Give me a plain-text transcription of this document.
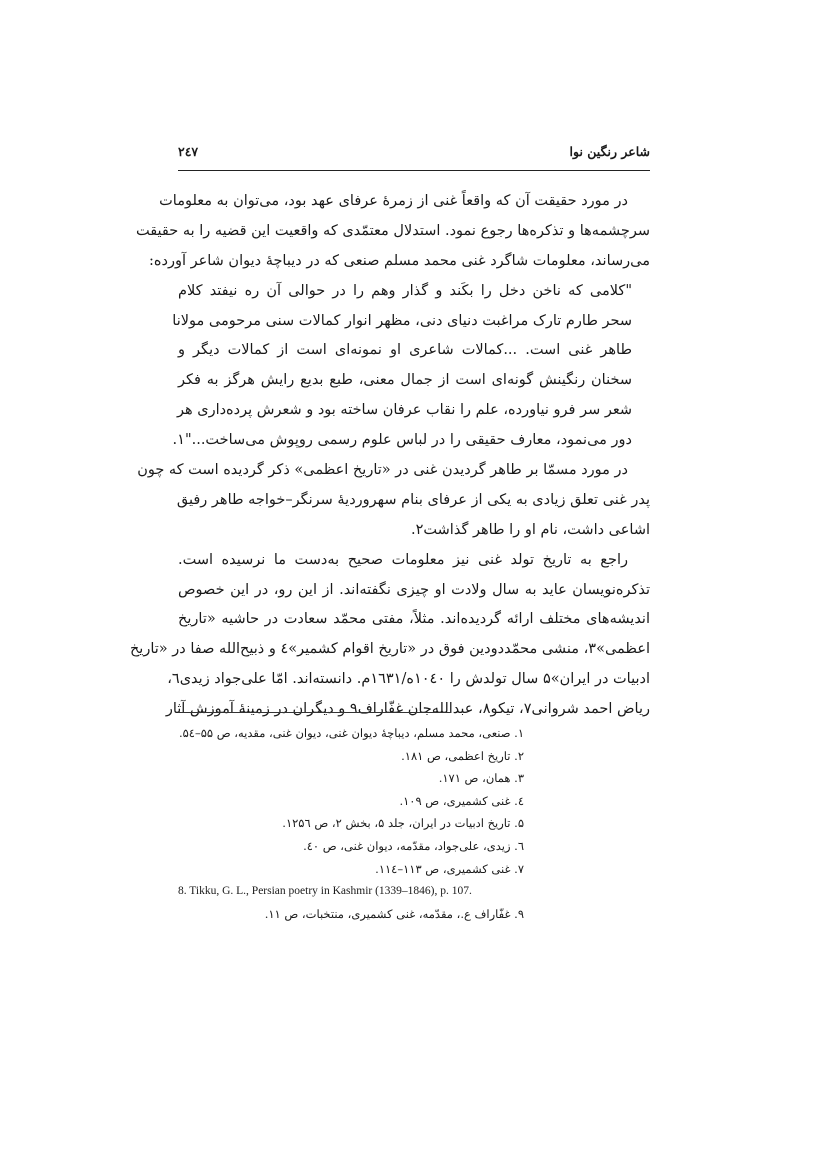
شاعر رنگین نوا
۲٤۷
در مورد حقیقت آن که واقعاً غنی از زمرهٔ عرفای عهد بود، می‌توان به معلومات
سرچشمه‌ها و تذکره‌ها رجوع نمود. استدلال معتمّدی که واقعیت این قضیه را به حقیقت
می‌رساند، معلومات شاگرد غنی محمد مسلم صنعی که در دیباچهٔ دیوان شاعر آورده:
"کلامی که ناخن دخل را بکَند و گذار وهم را در حوالی آن ره نیفتد کلام
سحر طارم تارک مراغبت دنیای دنی، مظهر انوار کمالات سنی مرحومی مولانا
طاهر غنی است. ...کمالات شاعری او نمونه‌ای است از کمالات دیگر و
سخنان رنگینش گونه‌ای است از جمال معنی، طبع بدیع رایش هرگز به فکر
شعر سر فرو نیاورده، علم را نقاب عرفان ساخته بود و شعرش پرده‌داری هر
دور می‌نمود، معارف حقیقی را در لباس علوم رسمی روپوش می‌ساخت..."۱.
در مورد مسمّا بر طاهر گردیدن غنی در «تاریخ اعظمی» ذکر گردیده است که چون
پدر غنی تعلق زیادی به یکی از عرفای بنام سهروردیهٔ سرنگر–خواجه طاهر رفیق
اشاعی داشت، نام او را طاهر گذاشت۲.
راجع به تاریخ تولد غنی نیز معلومات صحیح به‌دست ما نرسیده است.
تذکره‌نویسان عاید به سال ولادت او چیزی نگفته‌اند. از این رو، در این خصوص
اندیشه‌های مختلف ارائه گردیده‌اند. مثلاً، مفتی محمّد سعادت در حاشیه «تاریخ
اعظمی»۳، منشی محمّددودین فوق در «تاریخ اقوام کشمیر»٤ و ذبیح‌الله صفا در «تاریخ
ادبیات در ایران»۵ سال تولدش را ۱۰٤۰ه/۱٦۳۱م. دانسته‌اند. امّا علی‌جواد زیدی٦،
ریاض احمد شروانی۷، تیکو۸، عبدالله‌جان غفّاراف۹ و دیگران در زمینهٔ آموزش آثار
۱. صنعی، محمد مسلم، دیباچهٔ دیوان غنی، دیوان غنی، مقدیه، ص ۵۵–۵٤.
۲. تاریخ اعظمی، ص ۱۸۱.
۳. همان، ص ۱۷۱.
٤. غنی کشمیری، ص ۱۰۹.
۵. تاریخ ادبیات در ایران، جلد ۵، بخش ۲، ص ۱۲۵٦.
٦. زیدی، علی‌جواد، مقدّمه، دیوان غنی، ص ٤۰.
۷. غنی کشمیری، ص ۱۱۳–۱۱٤.
8. Tikku, G. L., Persian poetry in Kashmir (1339–1846), p. 107.
۹. غفّاراف ع.، مقدّمه، غنی کشمیری، منتخبات، ص ۱۱.
